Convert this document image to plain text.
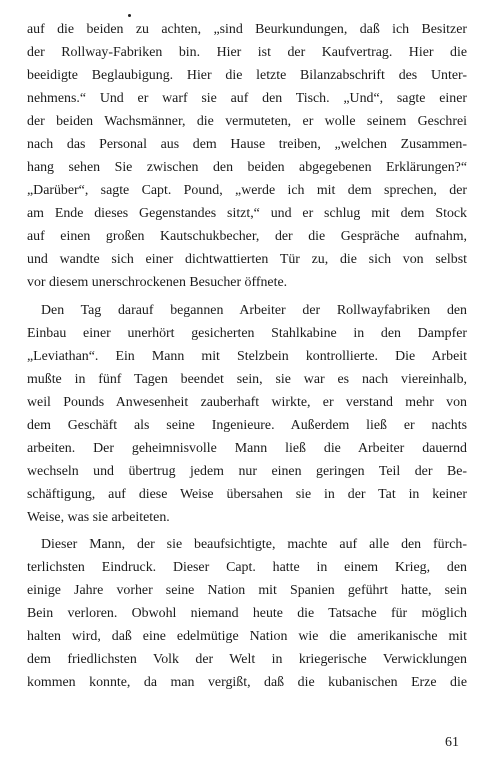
auf die beiden zu achten, „sind Beurkundungen, daß ich Besitzer
der Rollway-Fabriken bin. Hier ist der Kaufvertrag. Hier die
beeidigte Beglaubigung. Hier die letzte Bilanzabschrift des Unter-
nehmens.“ Und er warf sie auf den Tisch. „Und“, sagte einer
der beiden Wachsmänner, die vermuteten, er wolle seinem Geschrei
nach das Personal aus dem Hause treiben, „welchen Zusammen-
hang sehen Sie zwischen den beiden abgegebenen Erklärungen?“
„Darüber“, sagte Capt. Pound, „werde ich mit dem sprechen, der
am Ende dieses Gegenstandes sitzt,“ und er schlug mit dem Stock
auf einen großen Kautschukbecher, der die Gespräche aufnahm,
und wandte sich einer dichtwattierten Tür zu, die sich von selbst
vor diesem unerschrockenen Besucher öffnete.
Den Tag darauf begannen Arbeiter der Rollwayfabriken den
Einbau einer unerhört gesicherten Stahlkabine in den Dampfer
„Leviathan“. Ein Mann mit Stelzbein kontrollierte. Die Arbeit
mußte in fünf Tagen beendet sein, sie war es nach viereinhalb,
weil Pounds Anwesenheit zauberhaft wirkte, er verstand mehr von
dem Geschäft als seine Ingenieure. Außerdem ließ er nachts
arbeiten. Der geheimnisvolle Mann ließ die Arbeiter dauernd
wechseln und übertrug jedem nur einen geringen Teil der Be-
schäftigung, auf diese Weise übersahen sie in der Tat in keiner
Weise, was sie arbeiteten.
Dieser Mann, der sie beaufsichtigte, machte auf alle den fürch-
terlichsten Eindruck. Dieser Capt. hatte in einem Krieg, den
einige Jahre vorher seine Nation mit Spanien geführt hatte, sein
Bein verloren. Obwohl niemand heute die Tatsache für möglich
halten wird, daß eine edelmütige Nation wie die amerikanische mit
dem friedlichsten Volk der Welt in kriegerische Verwicklungen
kommen konnte, da man vergißt, daß die kubanischen Erze die
61
